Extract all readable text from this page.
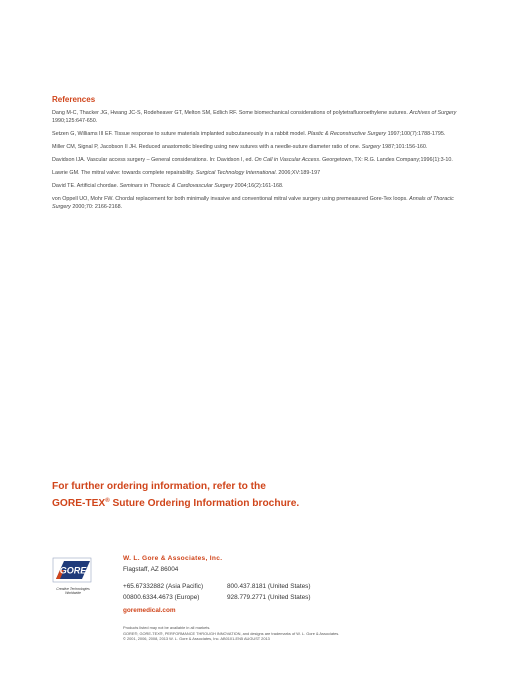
References
Dang M-C, Thacker JG, Hwang JC-S, Rodeheaver GT, Melton SM, Edlich RF. Some biomechanical considerations of polytetrafluoroethylene sutures. Archives of Surgery 1990;125:647-650.
Setzen G, Williams III EF. Tissue response to suture materials implanted subcutaneously in a rabbit model. Plastic & Reconstructive Surgery 1997;100(7):1788-1795.
Miller CM, Signal P, Jacobson II JH. Reduced anastomotic bleeding using new sutures with a needle-suture diameter ratio of one. Surgery 1987;101:156-160.
Davidson IJA. Vascular access surgery – General considerations. In: Davidson I, ed. On Call in Vascular Access. Georgetown, TX: R.G. Landes Company;1996(1):3-10.
Lawrie GM. The mitral valve: towards complete repairability. Surgical Technology International. 2006;XV:189-197
David TE. Artificial chordae. Seminars in Thoracic & Cardiovascular Surgery 2004;16(2):161-168.
von Oppell UO, Mohr FW. Chordal replacement for both minimally invasive and conventional mitral valve surgery using premeasured Gore-Tex loops. Annals of Thoracic Surgery 2000;70: 2166-2168.
For further ordering information, refer to the
GORE-TEX® Suture Ordering Information brochure.
GORE
Creative Technologies Worldwide
W. L. Gore & Associates, Inc.
Flagstaff, AZ 86004
+65.67332882 (Asia Pacific)	800.437.8181 (United States)
00800.6334.4673 (Europe)	928.779.2771 (United States)
goremedical.com
Products listed may not be available in all markets.
GORE®, GORE-TEX®, PERFORMANCE THROUGH INNOVATION, and designs are trademarks of W. L. Gore & Associates.
© 2001, 2006, 2008, 2013 W. L. Gore & Associates, Inc. AB0101-EN5 AUGUST 2013
